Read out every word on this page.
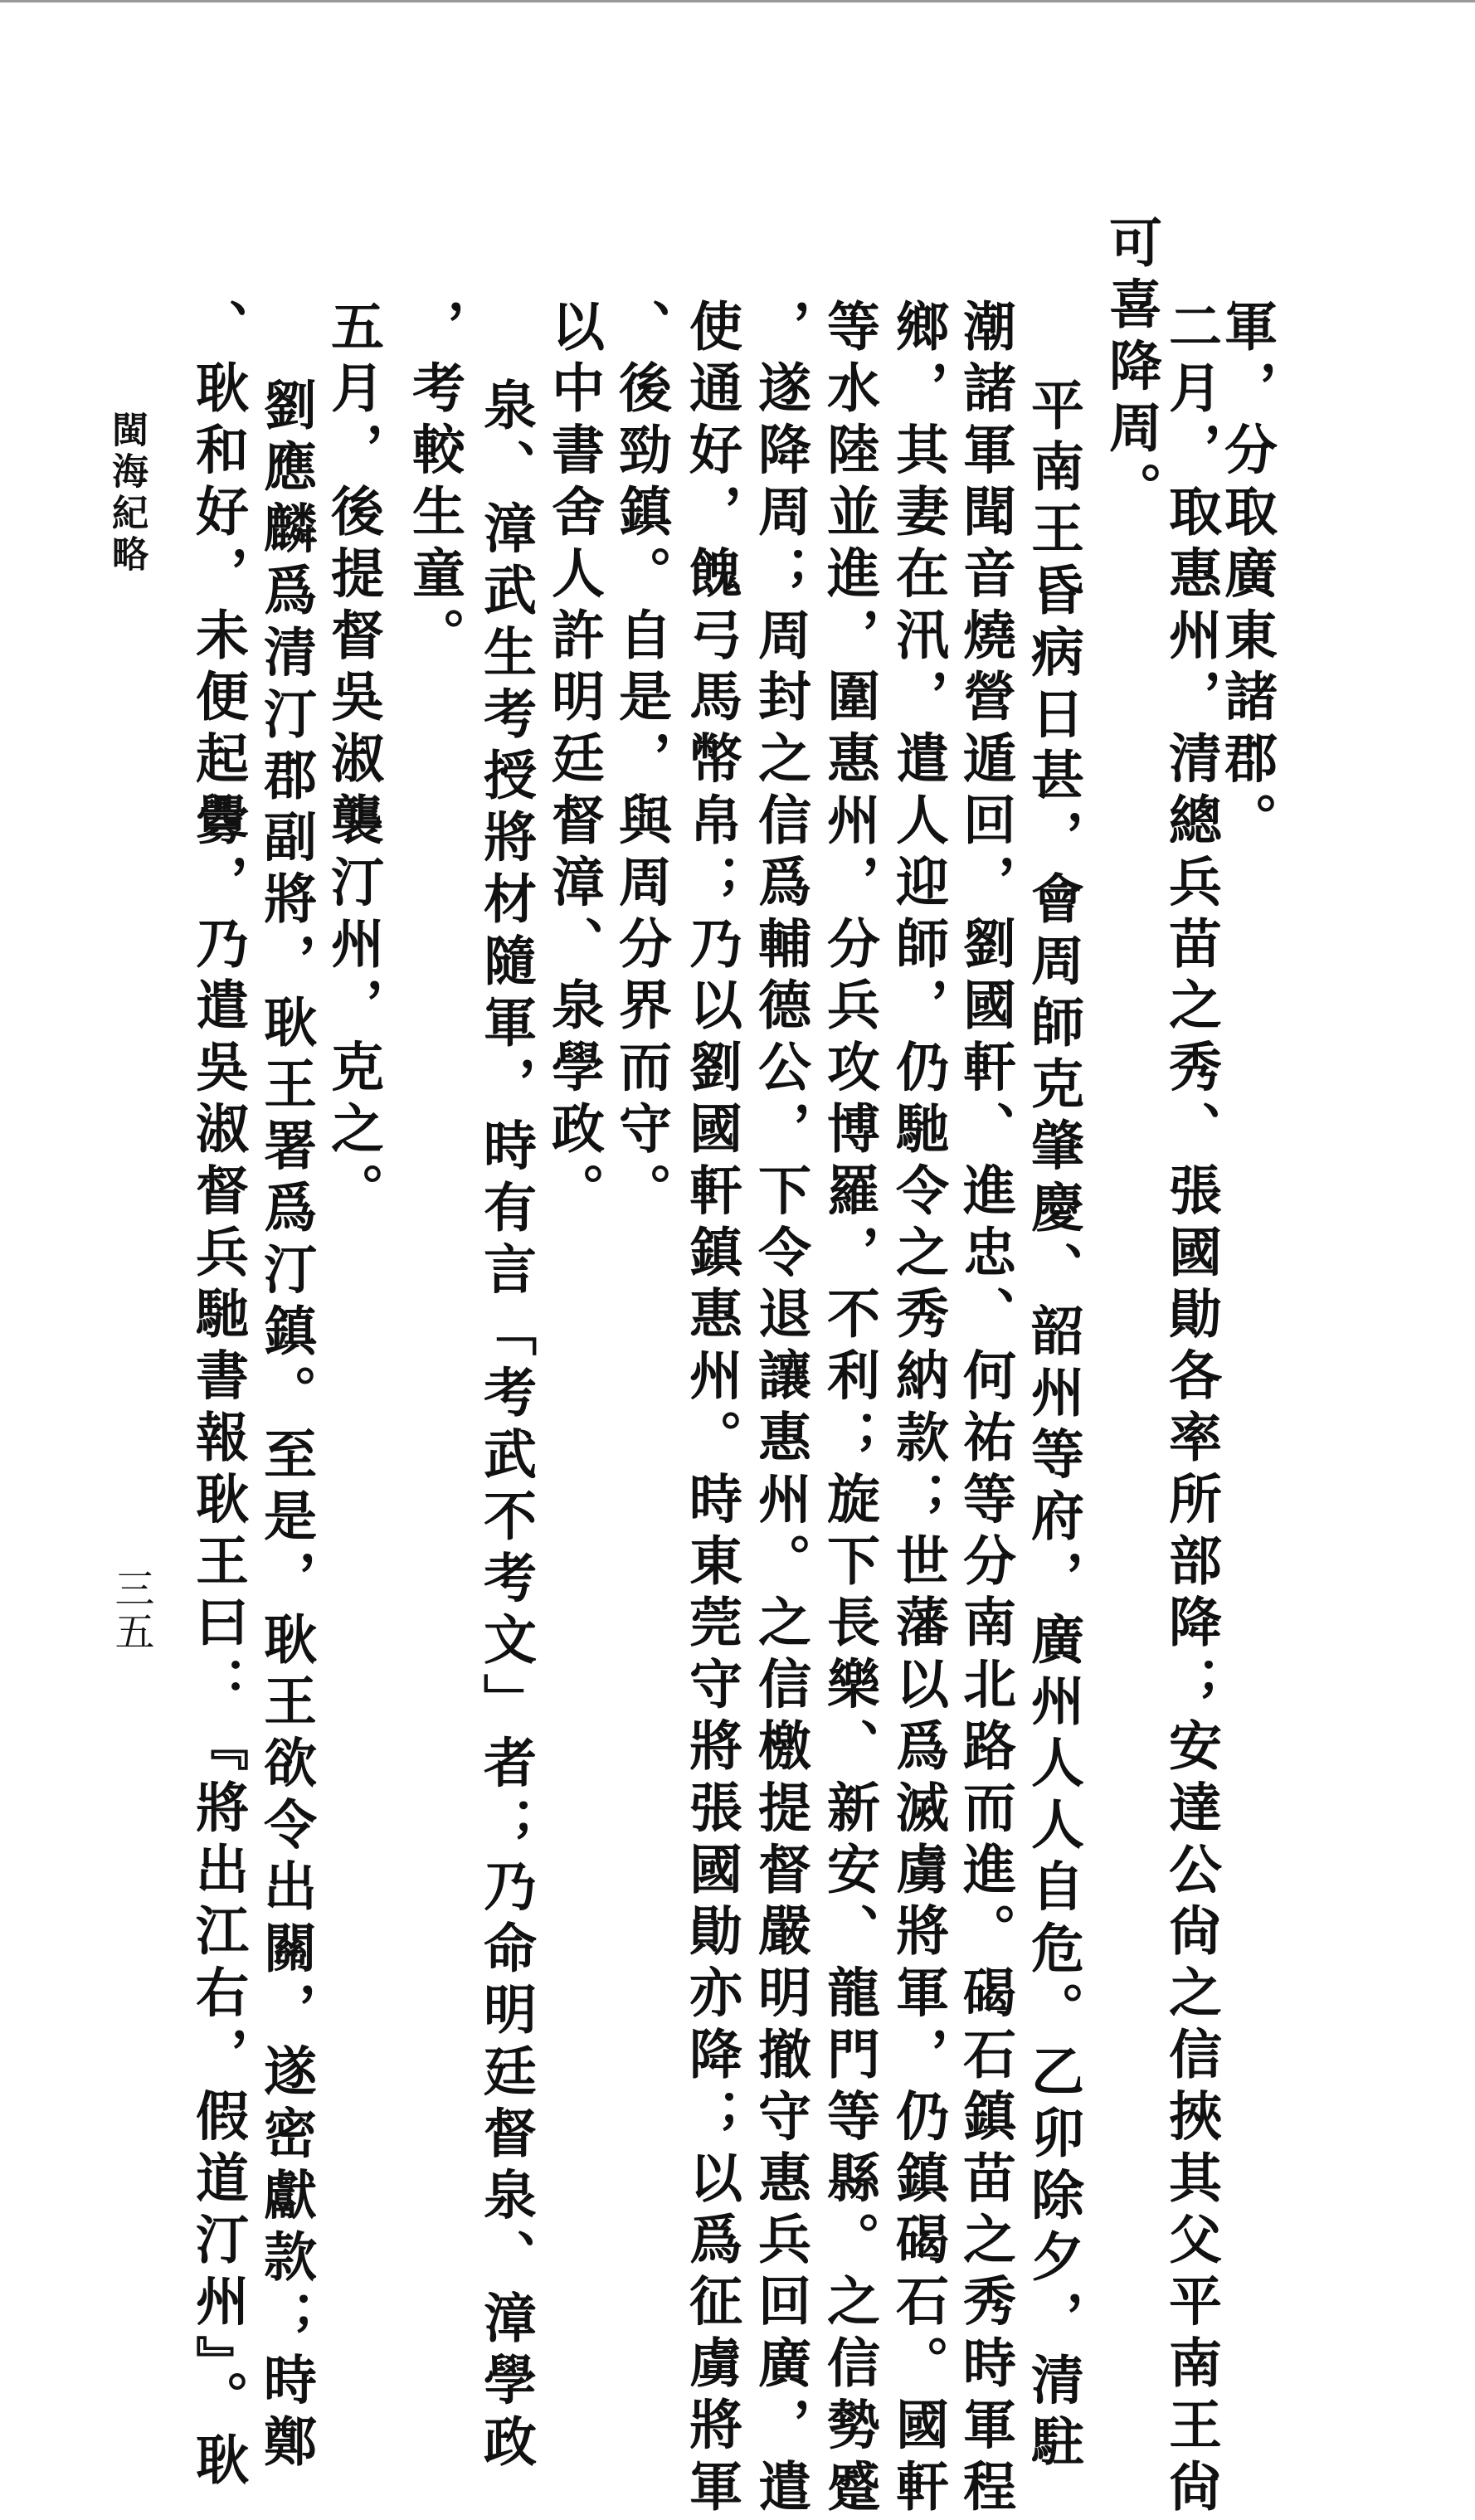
可喜降周。 軍，分取廣東諸郡。
二月，取惠州，清總兵苗之秀、張國勛各率所部降；安達公尙之信挾其父平南王尙
平南王昏病日甚，會周師克肇慶、韶州等府，廣州人人自危。乙卯除夕，清駐
潮諸軍聞音燒營遁回，劉國軒、進忠、何祐等分南北路而進。碣石鎮苗之秀時軍程
鄉，其妻在汛，遣人迎師，仍馳令之秀納款；世藩以爲滅虜將軍，仍鎮碣石。國軒
等水陸並進，圍惠州，分兵攻博羅，不利；旋下長樂、新安、龍門等縣。之信勢蹙
，遂降周；周封之信爲輔德公，下令退讓惠州。之信檄提督嚴明撤守惠兵回廣，遣
使通好，餽弓馬幣帛；乃以劉國軒鎮惠州。時東莞守將張國勛亦降；以爲征虜將軍
、後勁鎮。自是，與周分界而守。
以中書舍人許明廷督漳、泉學政。
泉、漳武生考授將材隨軍，時有言「考武不考文」者；乃命明廷督泉、漳學政
，考較生童。
五月，後提督吳淑襲汀州，克之。
劉應麟爲清汀郡副將，耿王署爲汀鎮。至是，耿王欲令出關，遂密獻款；時鄭
、耿和好，未便起釁，乃遣吳淑督兵馳書報耿王曰：『將出江右，假道汀州』。耿
閩海紀略
三五
